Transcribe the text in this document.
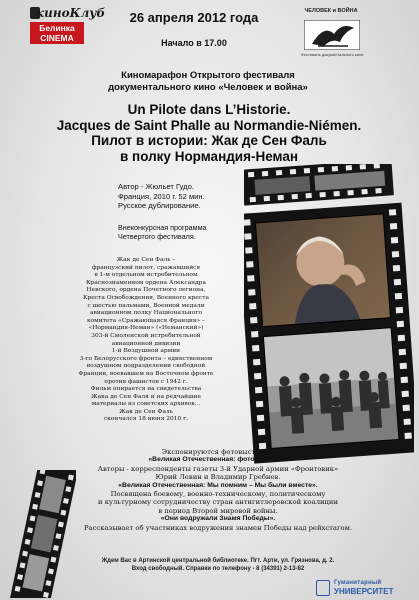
киноКлуб
Белинка
CINEMA
26 апреля 2012 года
Начало в 17.00
ЧЕЛОВЕК и ВОЙНА
Фестиваль документального кино
Киномарафон Открытого фестиваля
документального кино «Человек и война»
Un Pilote dans L’Historie.
Jacques de Saint Phalle au Normandie-Niémen.
Пилот в истории: Жак де Сен Фаль
в полку Нормандия-Неман
Автор - Жюльет Гудо.
Франция, 2010 г. 52 мин.
Русское дублирование.
Внеконкурсная программа
Четвертого фестиваля.
Жак де Сен Фаль –
французский пилот, сражавшийся
в 1-м отдельном истребительном
Краснознаменном ордена Александра
Невского, ордена Почетного легиона,
Креста Освобождения, Военного креста
с шестью пальмами, Военной медали
авиационном полку Национального
комитета «Сражающаяся Франция» –
«Нормандия-Неман» («Неманский»)
303-й Смоленской истребительной
авиационной дивизии
1-й Воздушной армии
3-го Белорусского фронта – единственном
воздушном подразделении свободной
Франции, воевавшем на Восточном фронте
против фашистов с 1942 г.
Фильм опирается на свидетельства
Жака де Сен Фаля и на редчайшие
материалы из советских архивов...
Жак де Сен Фаль
скончался 18 июня 2010 г.
Экспонируются фотовыставки:
«Великая Отечественная: фотохроника».
Авторы - корреспонденты газеты 3-й Ударной армии «Фронтовик»
Юрий Левин и Владимир Гребнев.
«Великая Отечественная: Мы помним – Мы были вместе».
Посвящена боевому, военно-техническому, политическому
и культурному сотрудничеству стран антигитлеровской коалиции
в период Второй мировой войны.
«Они водружали Знамя Победы».
Рассказывает об участниках водружения знамен Победы над рейхстагом.
Ждем Вас в Артинской центральной библиотеке. Пгт. Арти, ул. Грязнова, д. 2.
Вход свободный. Справки по телефону - 8 (34391) 2-13-82
Гуманитарный
УНИВЕРСИТЕТ
